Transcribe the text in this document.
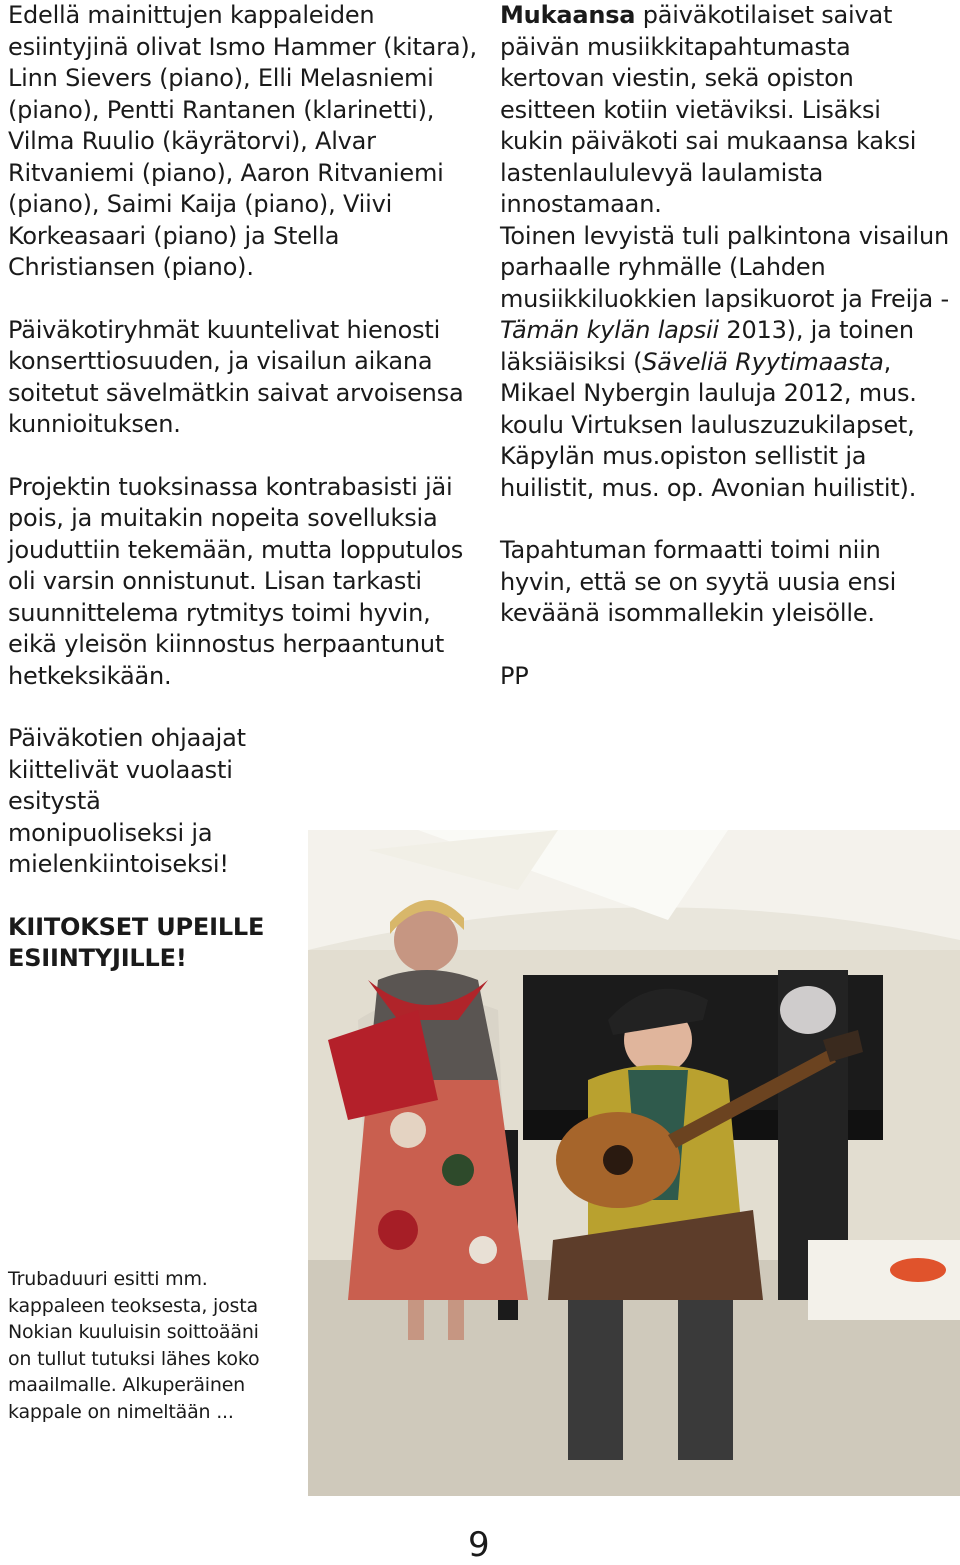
Edellä mainittujen kappaleiden esiintyjinä olivat Ismo Hammer (kitara), Linn Sievers (piano), Elli Melasniemi (piano), Pentti Rantanen (klarinetti), Vilma Ruulio (käyrätorvi), Alvar Ritvaniemi (piano), Aaron Ritvaniemi (piano), Saimi Kaija (piano), Viivi Korkeasaari (piano) ja Stella Christiansen (piano).

Päiväkotiryhmät kuuntelivat hienosti konserttiosuuden, ja visailun aikana soitetut sävelmätkin saivat arvoisensa kunnioituksen.

Projektin tuoksinassa kontrabasisti jäi pois, ja muitakin nopeita sovelluksia jouduttiin tekemään, mutta lopputulos oli varsin onnistunut. Lisan tarkasti suunnittelema rytmitys toimi hyvin, eikä yleisön kiinnostus herpaantunut hetkeksikään.

Päiväkotien ohjaajat
kiittelivät vuolaasti
esitystä
monipuoliseksi ja
mielenkiintoiseksi!
KIITOKSET UPEILLE
ESIINTYJILLE!

Mukaansa päiväkotilaiset saivat päivän musiikkitapahtumasta kertovan viestin, sekä opiston esitteen kotiin vietäviksi. Lisäksi kukin päiväkoti sai mukaansa kaksi lastenlaululevyä laulamista innostamaan.

Toinen levyistä tuli palkintona visailun parhaalle ryhmälle (Lahden musiikkiluokkien lapsikuorot ja Freija - Tämän kylän lapsii 2013), ja toinen läksiäisiksi (Säveliä Ryytimaasta, Mikael Nybergin lauluja 2012, mus. koulu Virtuksen lauluszuzukilapset, Käpylän mus.opiston sellistit ja huilistit, mus. op. Avonian huilistit).

Tapahtuman formaatti toimi niin hyvin, että se on syytä uusia ensi keväänä isommallekin yleisölle.

PP

Trubaduuri esitti mm.

kappaleen teoksesta, josta

Nokian kuuluisin soittoääni

on tullut tutuksi lähes koko

maailmalle. Alkuperäinen

kappale on nimeltään ...

9
